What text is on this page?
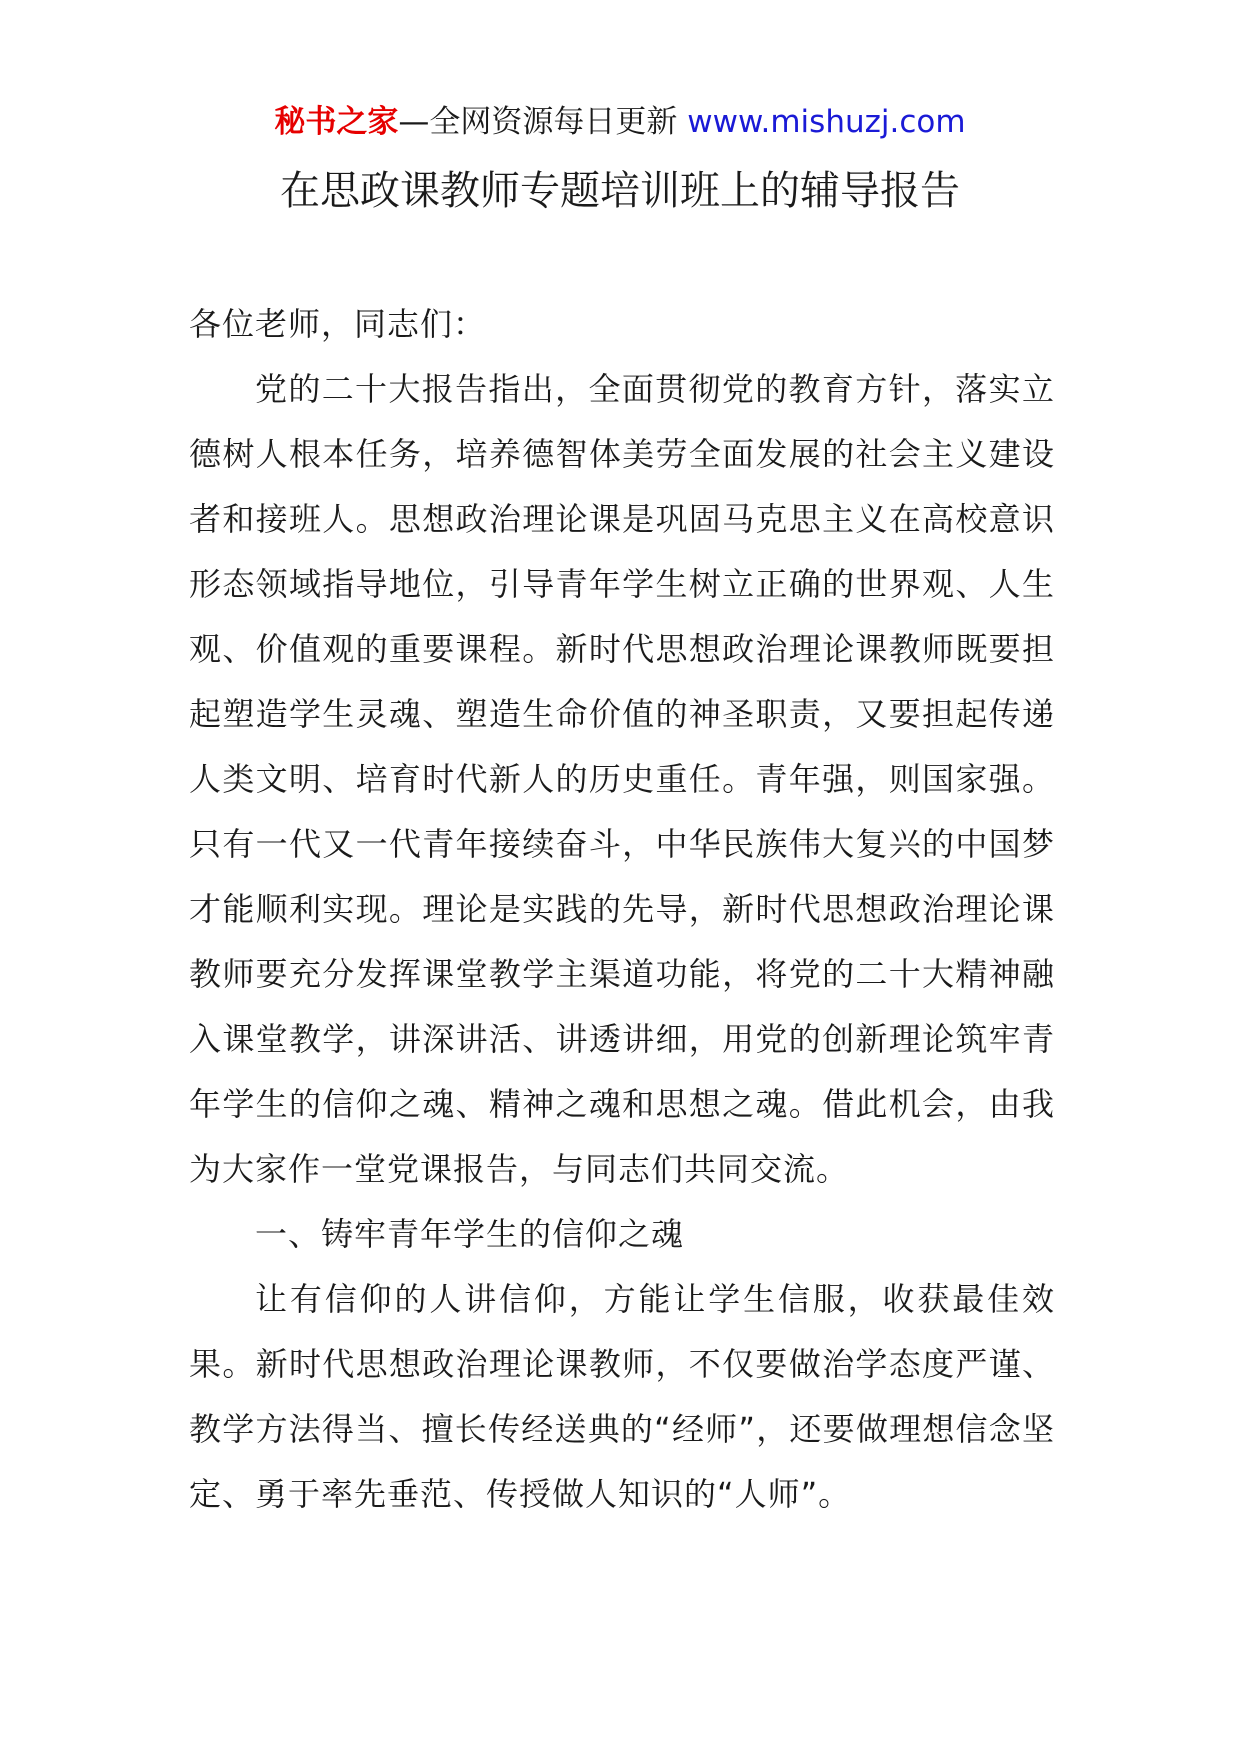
秘书之家—全网资源每日更新 www.mishuzj.com
在思政课教师专题培训班上的辅导报告

各位老师，同志们：

党的二十大报告指出，全面贯彻党的教育方针，落实立德树人根本任务，培养德智体美劳全面发展的社会主义建设者和接班人。思想政治理论课是巩固马克思主义在高校意识形态领域指导地位，引导青年学生树立正确的世界观、人生观、价值观的重要课程。新时代思想政治理论课教师既要担起塑造学生灵魂、塑造生命价值的神圣职责，又要担起传递人类文明、培育时代新人的历史重任。青年强，则国家强。只有一代又一代青年接续奋斗，中华民族伟大复兴的中国梦才能顺利实现。理论是实践的先导，新时代思想政治理论课教师要充分发挥课堂教学主渠道功能，将党的二十大精神融入课堂教学，讲深讲活、讲透讲细，用党的创新理论筑牢青年学生的信仰之魂、精神之魂和思想之魂。借此机会，由我为大家作一堂党课报告，与同志们共同交流。

一、铸牢青年学生的信仰之魂

让有信仰的人讲信仰，方能让学生信服，收获最佳效果。新时代思想政治理论课教师，不仅要做治学态度严谨、教学方法得当、擅长传经送典的“经师”，还要做理想信念坚定、勇于率先垂范、传授做人知识的“人师”。
